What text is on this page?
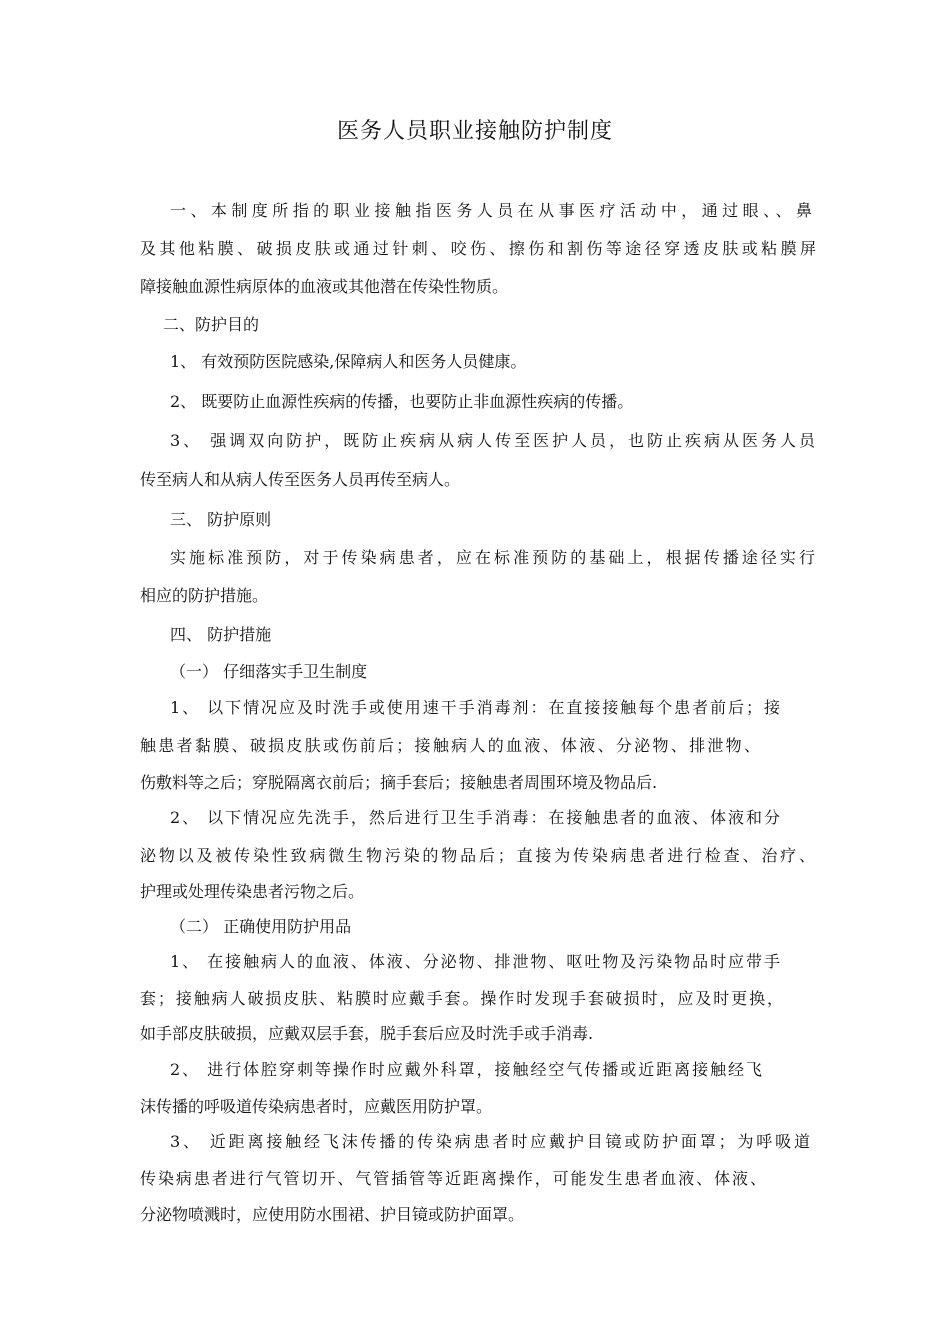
医务人员职业接触防护制度
一、本制度所指的职业接触指医务人员在从事医疗活动中，通过眼、、鼻
及其他粘膜、破损皮肤或通过针刺、咬伤、擦伤和割伤等途径穿透皮肤或粘膜屏
障接触血源性病原体的血液或其他潜在传染性物质。
二、防护目的
1、 有效预防医院感染,保障病人和医务人员健康。
2、 既要防止血源性疾病的传播，也要防止非血源性疾病的传播。
3、 强调双向防护，既防止疾病从病人传至医护人员，也防止疾病从医务人员
传至病人和从病人传至医务人员再传至病人。
三、 防护原则
实施标准预防，对于传染病患者，应在标准预防的基础上，根据传播途径实行
相应的防护措施。
四、 防护措施
（一） 仔细落实手卫生制度
1、 以下情况应及时洗手或使用速干手消毒剂：在直接接触每个患者前后；接
触患者黏膜、破损皮肤或伤前后；接触病人的血液、体液、分泌物、排泄物、
伤敷料等之后；穿脱隔离衣前后；摘手套后；接触患者周围环境及物品后.
2、 以下情况应先洗手，然后进行卫生手消毒：在接触患者的血液、体液和分
泌物以及被传染性致病微生物污染的物品后；直接为传染病患者进行检查、治疗、
护理或处理传染患者污物之后。
（二） 正确使用防护用品
1、 在接触病人的血液、体液、分泌物、排泄物、呕吐物及污染物品时应带手
套；接触病人破损皮肤、粘膜时应戴手套。操作时发现手套破损时，应及时更换，
如手部皮肤破损，应戴双层手套，脱手套后应及时洗手或手消毒.
2、 进行体腔穿刺等操作时应戴外科罩，接触经空气传播或近距离接触经飞
沫传播的呼吸道传染病患者时，应戴医用防护罩。
3、 近距离接触经飞沫传播的传染病患者时应戴护目镜或防护面罩；为呼吸道
传染病患者进行气管切开、气管插管等近距离操作，可能发生患者血液、体液、
分泌物喷溅时，应使用防水围裙、护目镜或防护面罩。
